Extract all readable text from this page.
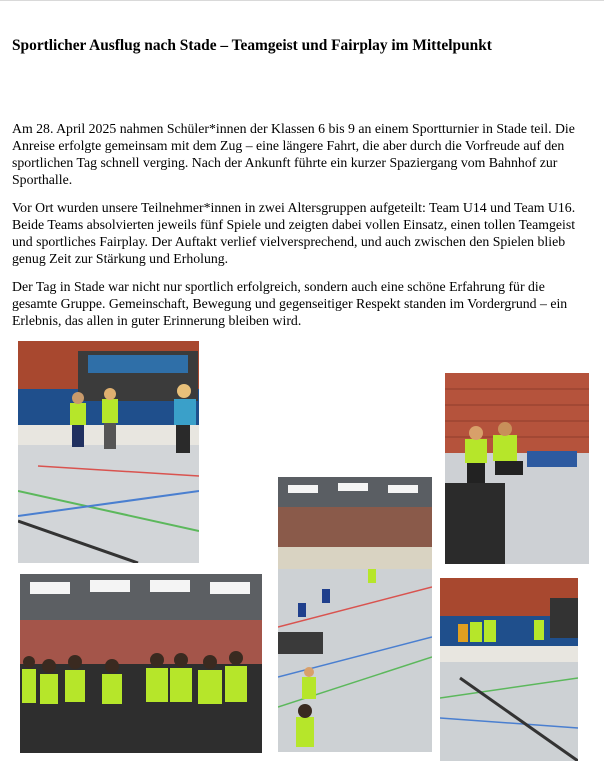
Sportlicher Ausflug nach Stade – Teamgeist und Fairplay im Mittelpunkt

Am 28. April 2025 nahmen Schüler*innen der Klassen 6 bis 9 an einem Sportturnier in Stade teil. Die Anreise erfolgte gemeinsam mit dem Zug – eine längere Fahrt, die aber durch die Vorfreude auf den sportlichen Tag schnell verging. Nach der Ankunft führte ein kurzer Spaziergang vom Bahnhof zur Sporthalle.

Vor Ort wurden unsere Teilnehmer*innen in zwei Altersgruppen aufgeteilt: Team U14 und Team U16. Beide Teams absolvierten jeweils fünf Spiele und zeigten dabei vollen Einsatz, einen tollen Teamgeist und sportliches Fairplay. Der Auftakt verlief vielversprechend, und auch zwischen den Spielen blieb genug Zeit zur Stärkung und Erholung.

Der Tag in Stade war nicht nur sportlich erfolgreich, sondern auch eine schöne Erfahrung für die gesamte Gruppe. Gemeinschaft, Bewegung und gegenseitiger Respekt standen im Vordergrund – ein Erlebnis, das allen in guter Erinnerung bleiben wird.
